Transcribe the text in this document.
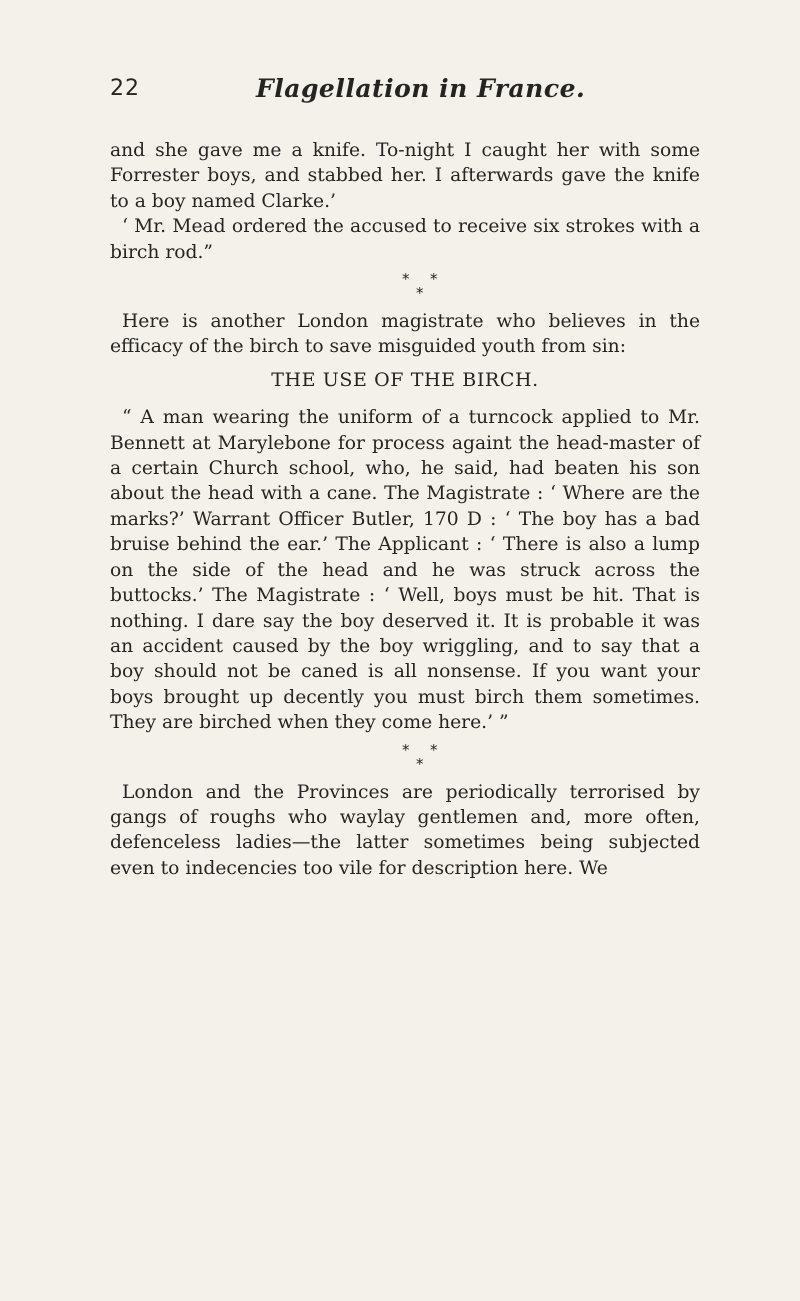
22	Flagellation in France.

and she gave me a knife. To-night I caught her with some Forrester boys, and stabbed her. I afterwards gave the knife to a boy named Clarke.’

‘ Mr. Mead ordered the accused to receive six strokes with a birch rod.”

* *
*

Here is another London magistrate who believes in the efficacy of the birch to save misguided youth from sin:

THE USE OF THE BIRCH.

“ A man wearing the uniform of a turncock applied to Mr. Bennett at Marylebone for process againt the head-master of a certain Church school, who, he said, had beaten his son about the head with a cane. The Magistrate : ‘ Where are the marks?’ Warrant Officer Butler, 170 D : ‘ The boy has a bad bruise behind the ear.’ The Applicant : ‘ There is also a lump on the side of the head and he was struck across the buttocks.’ The Magistrate : ‘ Well, boys must be hit. That is nothing. I dare say the boy deserved it. It is probable it was an accident caused by the boy wriggling, and to say that a boy should not be caned is all nonsense. If you want your boys brought up decently you must birch them sometimes. They are birched when they come here.’ ”

* *
*

London and the Provinces are periodically terrorised by gangs of roughs who waylay gentlemen and, more often, defenceless ladies—the latter sometimes being subjected even to indecencies too vile for description here. We
